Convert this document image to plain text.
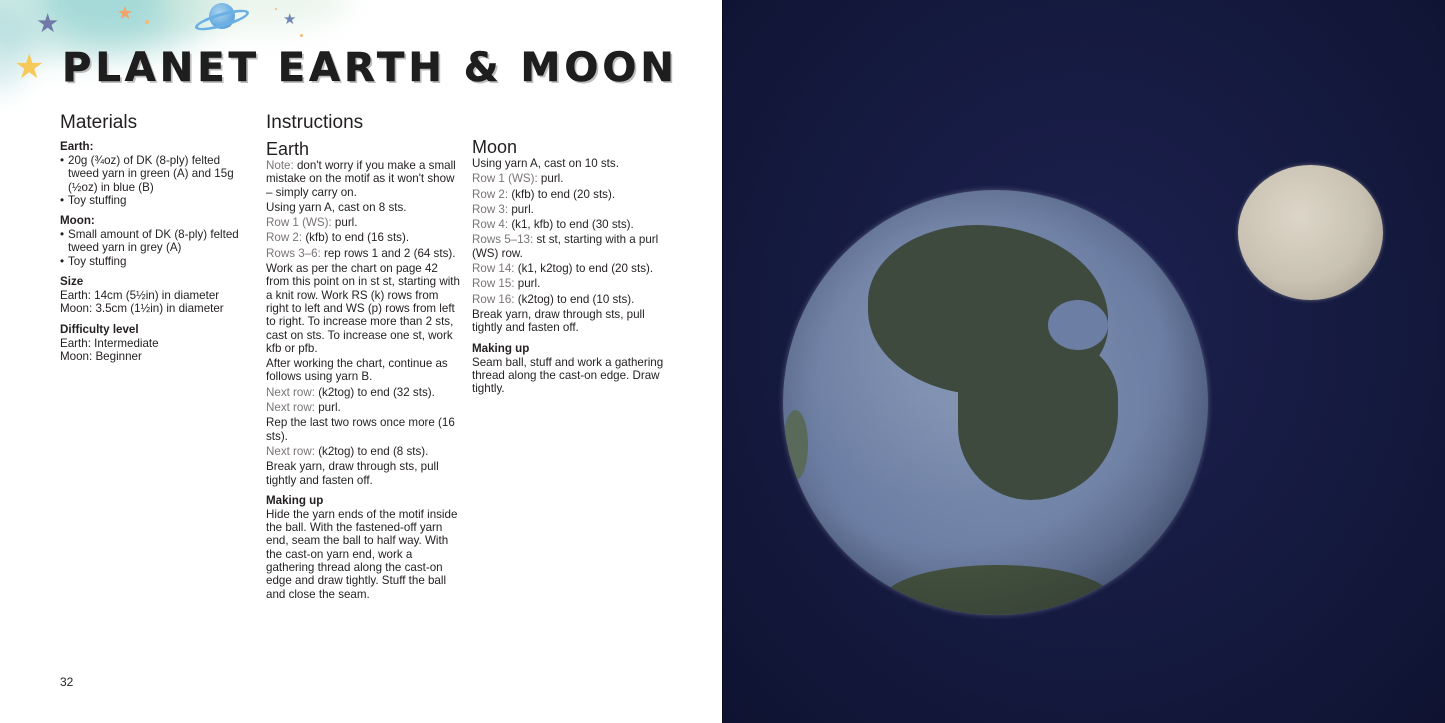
★	★	★
★ PLANET EARTH & MOON
Materials
Earth:
• 20g (¾oz) of DK (8-ply) felted tweed yarn in green (A) and 15g (½oz) in blue (B)
• Toy stuffing
Moon:
• Small amount of DK (8-ply) felted tweed yarn in grey (A)
• Toy stuffing
Size
Earth: 14cm (5½in) in diameter
Moon: 3.5cm (1½in) in diameter
Difficulty level
Earth: Intermediate
Moon: Beginner
Instructions
Earth

Note: don't worry if you make a small mistake on the motif as it won't show – simply carry on.

Using yarn A, cast on 8 sts.

Row 1 (WS): purl.

Row 2: (kfb) to end (16 sts).

Rows 3–6: rep rows 1 and 2 (64 sts).

Work as per the chart on page 42 from this point on in st st, starting with a knit row. Work RS (k) rows from right to left and WS (p) rows from left to right. To increase more than 2 sts, cast on sts. To increase one st, work kfb or pfb.

After working the chart, continue as follows using yarn B.

Next row: (k2tog) to end (32 sts).

Next row: purl.

Rep the last two rows once more (16 sts).

Next row: (k2tog) to end (8 sts).

Break yarn, draw through sts, pull tightly and fasten off.

Making up

Hide the yarn ends of the motif inside the ball. With the fastened-off yarn end, seam the ball to half way. With the cast-on yarn end, work a gathering thread along the cast-on edge and draw tightly. Stuff the ball and close the seam.

Moon

Using yarn A, cast on 10 sts.

Row 1 (WS): purl.

Row 2: (kfb) to end (20 sts).

Row 3: purl.

Row 4: (k1, kfb) to end (30 sts).

Rows 5–13: st st, starting with a purl (WS) row.

Row 14: (k1, k2tog) to end (20 sts).

Row 15: purl.

Row 16: (k2tog) to end (10 sts).

Break yarn, draw through sts, pull tightly and fasten off.

Making up

Seam ball, stuff and work a gathering thread along the cast-on edge. Draw tightly.

32
